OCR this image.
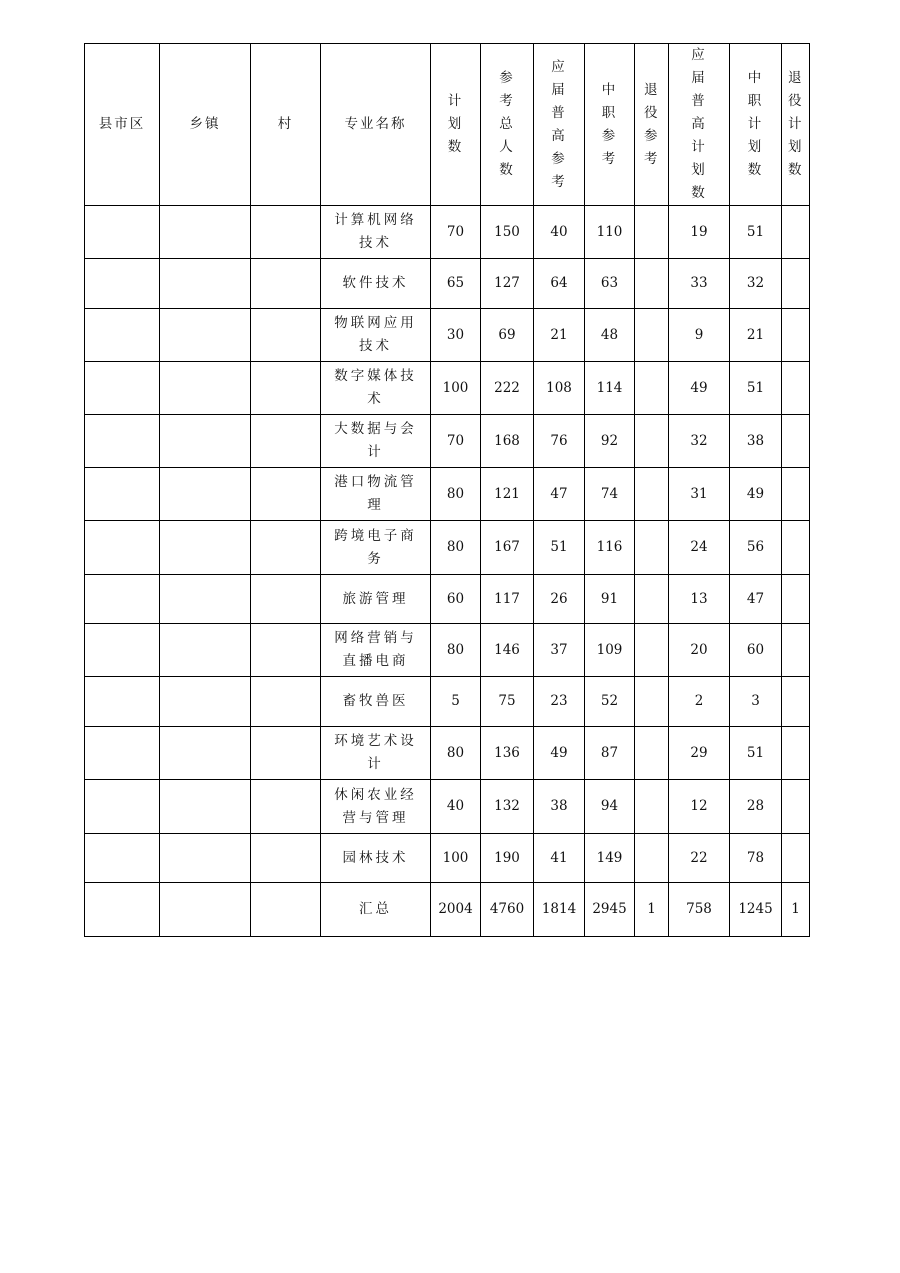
县市区	乡镇	村	专业名称	计划数	参考总人数	应届普高参考	中职参考	退役参考	应届普高计划数	中职计划数	退役计划数
			计算机网络技术	70	150	40	110		19	51	
			软件技术	65	127	64	63		33	32	
			物联网应用技术	30	69	21	48		9	21	
			数字媒体技术	100	222	108	114		49	51	
			大数据与会计	70	168	76	92		32	38	
			港口物流管理	80	121	47	74		31	49	
			跨境电子商务	80	167	51	116		24	56	
			旅游管理	60	117	26	91		13	47	
			网络营销与直播电商	80	146	37	109		20	60	
			畜牧兽医	5	75	23	52		2	3	
			环境艺术设计	80	136	49	87		29	51	
			休闲农业经营与管理	40	132	38	94		12	28	
			园林技术	100	190	41	149		22	78	
			汇总	2004	4760	1814	2945	1	758	1245	1
